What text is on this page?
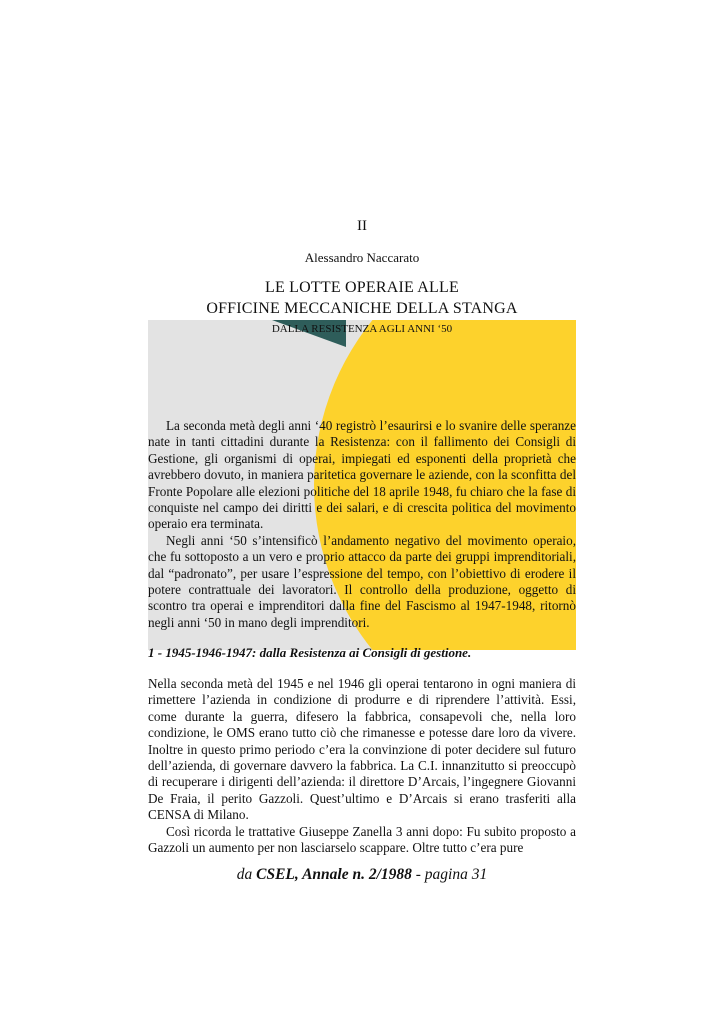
II
Alessandro Naccarato
LE LOTTE OPERAIE ALLE
OFFICINE MECCANICHE DELLA STANGA
DALLA RESISTENZA AGLI ANNI ‘50

La seconda metà degli anni ‘40 registrò l’esaurirsi e lo svanire delle speranze nate in tanti cittadini durante la Resistenza: con il fallimento dei Consigli di Gestione, gli organismi di operai, impiegati ed esponenti della proprietà che avrebbero dovuto, in maniera paritetica governare le aziende, con la sconfitta del Fronte Popolare alle elezioni politiche del 18 aprile 1948, fu chiaro che la fase di conquiste nel campo dei diritti e dei salari, e di crescita politica del movimento operaio era terminata.

Negli anni ‘50 s’intensificò l’andamento negativo del movimento operaio, che fu sottoposto a un vero e proprio attacco da parte dei gruppi imprenditoriali, dal “padronato”, per usare l’espressione del tempo, con l’obiettivo di erodere il potere contrattuale dei lavoratori. Il controllo della produzione, oggetto di scontro tra operai e imprenditori dalla fine del Fascismo al 1947-1948, ritornò negli anni ‘50 in mano degli imprenditori.

1 - 1945-1946-1947: dalla Resistenza ai Consigli di gestione.

Nella seconda metà del 1945 e nel 1946 gli operai tentarono in ogni maniera di rimettere l’azienda in condizione di produrre e di riprendere l’attività. Essi, come durante la guerra, difesero la fabbrica, consapevoli che, nella loro condizione, le OMS erano tutto ciò che rimanesse e potesse dare loro da vivere. Inoltre in questo primo periodo c’era la convinzione di poter decidere sul futuro dell’azienda, di governare davvero la fabbrica. La C.I. innanzitutto si preoccupò di recuperare i dirigenti dell’azienda: il direttore D’Arcais, l’ingegnere Giovanni De Fraia, il perito Gazzoli. Quest’ultimo e D’Arcais si erano trasferiti alla CENSA di Milano.

Così ricorda le trattative Giuseppe Zanella 3 anni dopo: Fu subito proposto a Gazzoli un aumento per non lasciarselo scappare. Oltre tutto c’era pure

da CSEL, Annale n. 2/1988 - pagina 31
